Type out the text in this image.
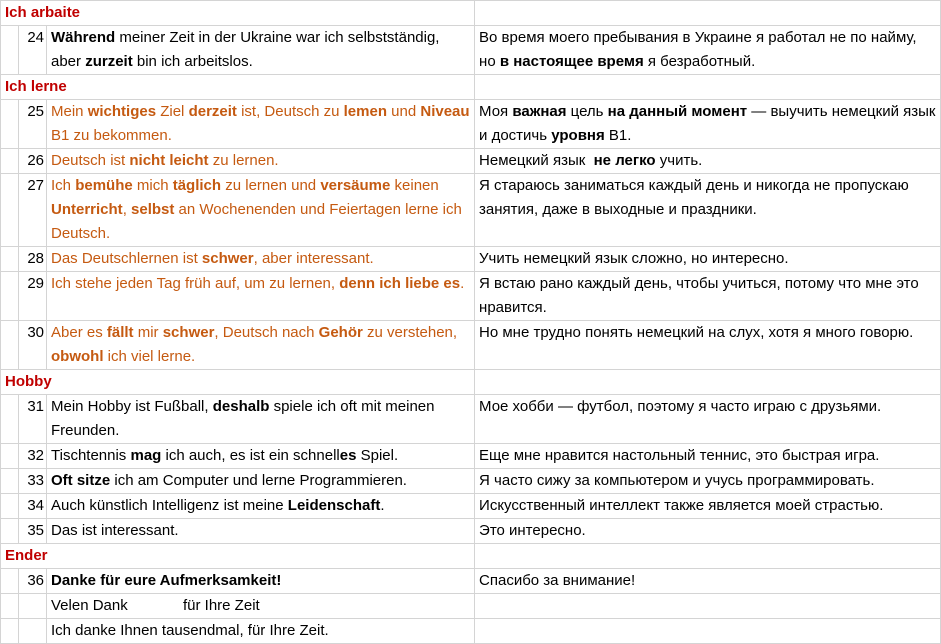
Ich arbaite			
	24	Während meiner Zeit in der Ukraine war ich selbstständig, aber zurzeit bin ich arbeitslos.	Во время моего пребывания в Украине я работал не по найму, но в настоящее время я безработный.
Ich lerne			
	25	Mein wichtiges Ziel derzeit ist, Deutsch zu lemen und Niveau B1 zu bekommen.	Моя важная цель на данный момент — выучить немецкий язык и достичь уровня B1.
	26	Deutsch ist nicht leicht zu lernen.	Немецкий язык  не легко учить.
	27	Ich bemühe mich täglich zu lernen und versäume keinen Unterricht, selbst an Wochenenden und Feiertagen lerne ich Deutsch.	Я стараюсь заниматься каждый день и никогда не пропускаю занятия, даже в выходные и праздники.
	28	Das Deutschlernen ist schwer, aber interessant.	Учить немецкий язык сложно, но интересно.
	29	Ich stehe jeden Tag früh auf, um zu lernen, denn ich liebe es.	Я встаю рано каждый день, чтобы учиться, потому что мне это нравится.
	30	Aber es fällt mir schwer, Deutsch nach Gehör zu verstehen, obwohl ich viel lerne.	Но мне трудно понять немецкий на слух, хотя я много говорю.
Hobby			
	31	Mein Hobby ist Fußball, deshalb spiele ich oft mit meinen Freunden.	Мое хобби — футбол, поэтому я часто играю с друзьями.
	32	Tischtennis mag ich auch, es ist ein schnelles Spiel.	Еще мне нравится настольный теннис, это быстрая игра.
	33	Oft sitze ich am Computer und lerne Programmieren.	Я часто сижу за компьютером и учусь программировать.
	34	Auch künstlich Intelligenz ist meine Leidenschaft.	Искусственный интеллект также является моей страстью.
	35	Das ist interessant.	Это интересно.
Ender			
	36	Danke für eure Aufmerksamkeit!	Спасибо за внимание!
		Velen Dank für Ihre Zeit	
		Ich danke Ihnen tausendmal, für Ihre Zeit.	
